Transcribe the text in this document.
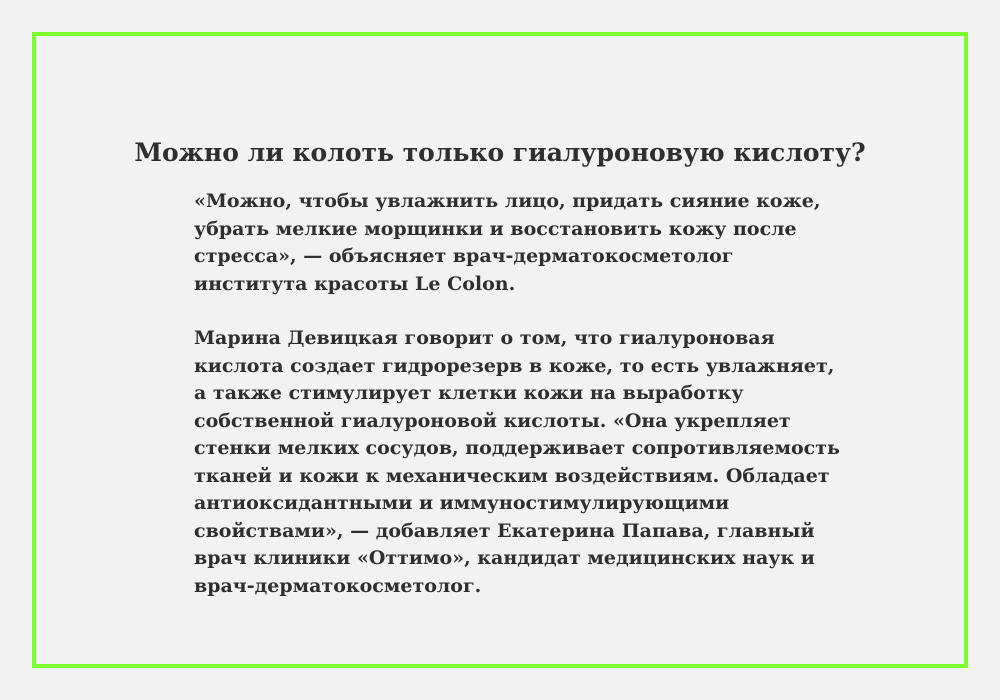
Можно ли колоть только гиалуроновую кислоту?

«Можно, чтобы увлажнить лицо, придать сияние коже, убрать мелкие морщинки и восстановить кожу после стресса», — объясняет врач-дерматокосметолог института красоты Le Colon.

Марина Девицкая говорит о том, что гиалуроновая кислота создает гидрорезерв в коже, то есть увлажняет, а также стимулирует клетки кожи на выработку собственной гиалуроновой кислоты. «Она укрепляет стенки мелких сосудов, поддерживает сопротивляемость тканей и кожи к механическим воздействиям. Обладает антиоксидантными и иммуностимулирующими свойствами», — добавляет Екатерина Папава, главный врач клиники «Оттимо», кандидат медицинских наук и врач-дерматокосметолог.
